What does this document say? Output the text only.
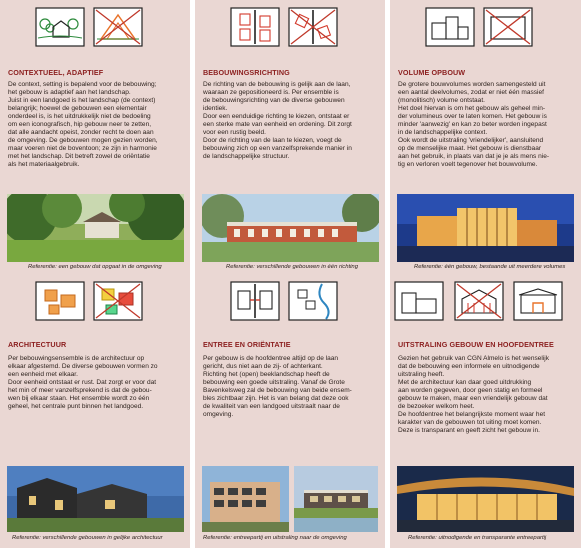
CONTEXTUEEL, ADAPTIEF

De context, setting is bepalend voor de bebouwing;

het gebouw is adaptief aan het landschap.

Juist in een landgoed is het landschap (de context)

belangrijk; hoewel de gebouwen een elementair

onderdeel is, is het uitdrukkelijk niet de bedoeling

om een iconografisch, hip gebouw neer te zetten,

dat alle aandacht opeist, zonder recht te doen aan

de omgeving. De gebouwen mogen gezien worden,

maar voeren niet de boventoon; ze zijn in harmonie

met het landschap. Dit betreft zowel de oriëntatie

als het materiaalgebruik.

Referentie: een gebouw dat opgaat in de omgeving
ARCHITECTUUR

Per bebouwingsensemble is de architectuur op

elkaar afgestemd. De diverse gebouwen vormen zo

een eenheid met elkaar.

Door eenheid ontstaat er rust. Dat zorgt er voor dat

het min of meer vanzelfsprekend is dat de gebou-

wen bij elkaar staan. Het ensemble wordt zo één

geheel, het centrale punt binnen het landgoed.

Referentie: verschillende gebouwen in gelijke architectuur
BEBOUWINGSRICHTING

De richting van de bebouwing is gelijk aan de laan,

waaraan ze gepositioneerd is. Per ensemble is

de bebouwingsrichting van de diverse gebouwen

identiek.

Door een eenduidige richting te kiezen, ontstaat er

een sterke mate van eenheid en ordening. Dit zorgt

voor een rustig beeld.

Door de richting van de laan te kiezen, voegt de

bebouwing zich op een vanzelfsprekende manier in

de landschappelijke structuur.

Referentie: verschillende gebouwen in één richting
ENTREE EN ORIËNTATIE

Per gebouw is de hoofdentree altijd op de laan

gericht, dus niet aan de zij- of achterkant.

Richting het (open) beeklandschap heeft de

bebouwing een goede uitstraling. Vanaf de Grote

Bavenkelsweg zal de bebouwing van beide ensem-

bles zichtbaar zijn. Het is van belang dat deze ook

de kwaliteit van een landgoed uitstraalt naar de

omgeving.

Referentie: entreepartij en uitstraling naar de omgeving
VOLUME OPBOUW

De grotere bouwvolumes worden samengesteld uit

een aantal deelvolumes, zodat er niet één massief

(monolitisch) volume ontstaat.

Het doel hiervan is om het gebouw als geheel min-

der volumineus over te laten komen. Het gebouw is

minder 'aanwezig' en kan zo beter worden ingepast

in de landschappelijke context.

Ook wordt de uitstraling 'vriendelijker', aansluitend

op de menselijke maat. Het gebouw is dienstbaar

aan het gebruik, in plaats van dat je je als mens nie-

tig en verloren voelt tegenover het bouwvolume.

Referentie: één gebouw, bestaande uit meerdere volumes
UITSTRALING GEBOUW EN HOOFDENTREE

Gezien het gebruik van CGN Almelo is het wenselijk

dat de bebouwing een informele en uitnodigende

uitstraling heeft.

Met de architectuur kan daar goed uitdrukking

aan worden gegeven, door geen statig en formeel

gebouw te maken, maar een vriendelijk gebouw dat

de bezoeker welkom heet.

De hoofdentree het belangrijkste moment waar het

karakter van de gebouwen tot uiting moet komen.

Deze is transparant en geeft zicht het gebouw in.

Referentie: uitnodigende en transparante entreepartij
